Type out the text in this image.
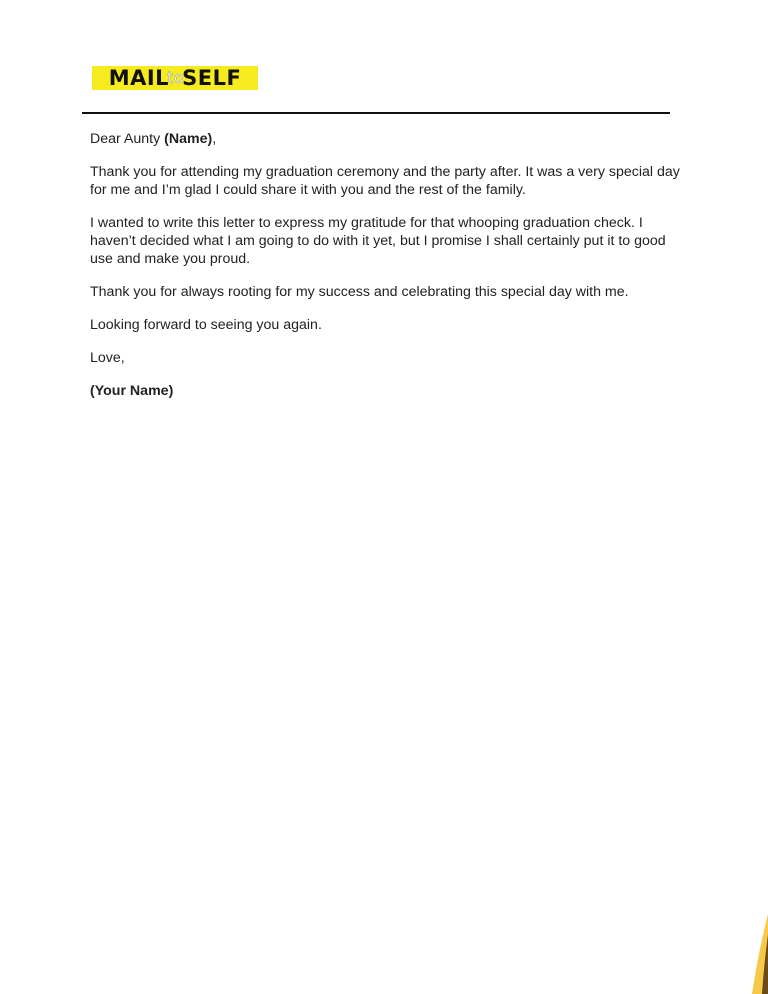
MAIL
to
SELF

Dear Aunty (Name),

Thank you for attending my graduation ceremony and the party after. It was a very special day for me and I’m glad I could share it with you and the rest of the family.

I wanted to write this letter to express my gratitude for that whooping graduation check. I haven’t decided what I am going to do with it yet, but I promise I shall certainly put it to good use and make you proud.

Thank you for always rooting for my success and celebrating this special day with me.

Looking forward to seeing you again.

Love,

(Your Name)
